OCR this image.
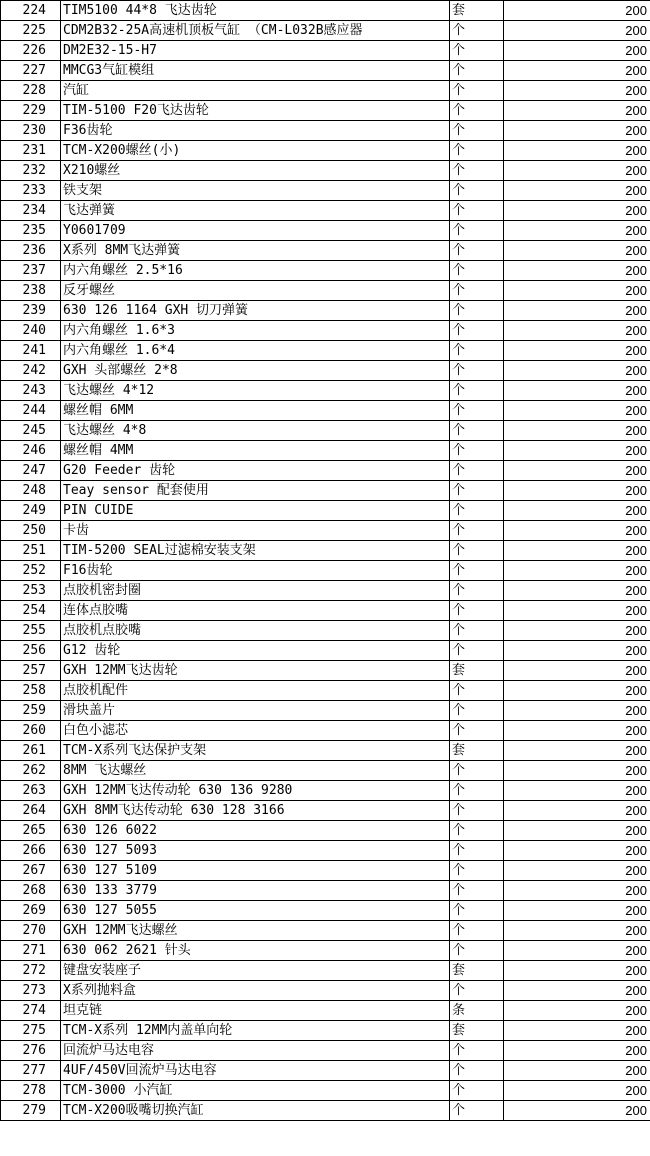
224	TIM5100 44*8 飞达齿轮	套	200
225	CDM2B32-25A高速机顶板气缸 （CM-L032B感应器	个	200
226	DM2E32-15-H7	个	200
227	MMCG3气缸模组	个	200
228	汽缸	个	200
229	TIM-5100 F20飞达齿轮	个	200
230	F36齿轮	个	200
231	TCM-X200螺丝(小)	个	200
232	X210螺丝	个	200
233	铁支架	个	200
234	飞达弹簧	个	200
235	Y0601709	个	200
236	X系列 8MM飞达弹簧	个	200
237	内六角螺丝 2.5*16	个	200
238	反牙螺丝	个	200
239	630 126 1164 GXH 切刀弹簧	个	200
240	内六角螺丝 1.6*3	个	200
241	内六角螺丝 1.6*4	个	200
242	GXH 头部螺丝 2*8	个	200
243	飞达螺丝 4*12	个	200
244	螺丝帽 6MM	个	200
245	飞达螺丝 4*8	个	200
246	螺丝帽 4MM	个	200
247	G20 Feeder 齿轮	个	200
248	Teay sensor 配套使用	个	200
249	PIN CUIDE	个	200
250	卡齿	个	200
251	TIM-5200 SEAL过滤棉安装支架	个	200
252	F16齿轮	个	200
253	点胶机密封圈	个	200
254	连体点胶嘴	个	200
255	点胶机点胶嘴	个	200
256	G12 齿轮	个	200
257	GXH 12MM飞达齿轮	套	200
258	点胶机配件	个	200
259	滑块盖片	个	200
260	白色小滤芯	个	200
261	TCM-X系列飞达保护支架	套	200
262	8MM 飞达螺丝	个	200
263	GXH 12MM飞达传动轮 630 136 9280	个	200
264	GXH 8MM飞达传动轮 630 128 3166	个	200
265	630 126 6022	个	200
266	630 127 5093	个	200
267	630 127 5109	个	200
268	630 133 3779	个	200
269	630 127 5055	个	200
270	GXH 12MM飞达螺丝	个	200
271	630 062 2621 针头	个	200
272	键盘安装座子	套	200
273	X系列抛料盒	个	200
274	坦克链	条	200
275	TCM-X系列 12MM内盖单向轮	套	200
276	回流炉马达电容	个	200
277	4UF/450V回流炉马达电容	个	200
278	TCM-3000 小汽缸	个	200
279	TCM-X200吸嘴切换汽缸	个	200
